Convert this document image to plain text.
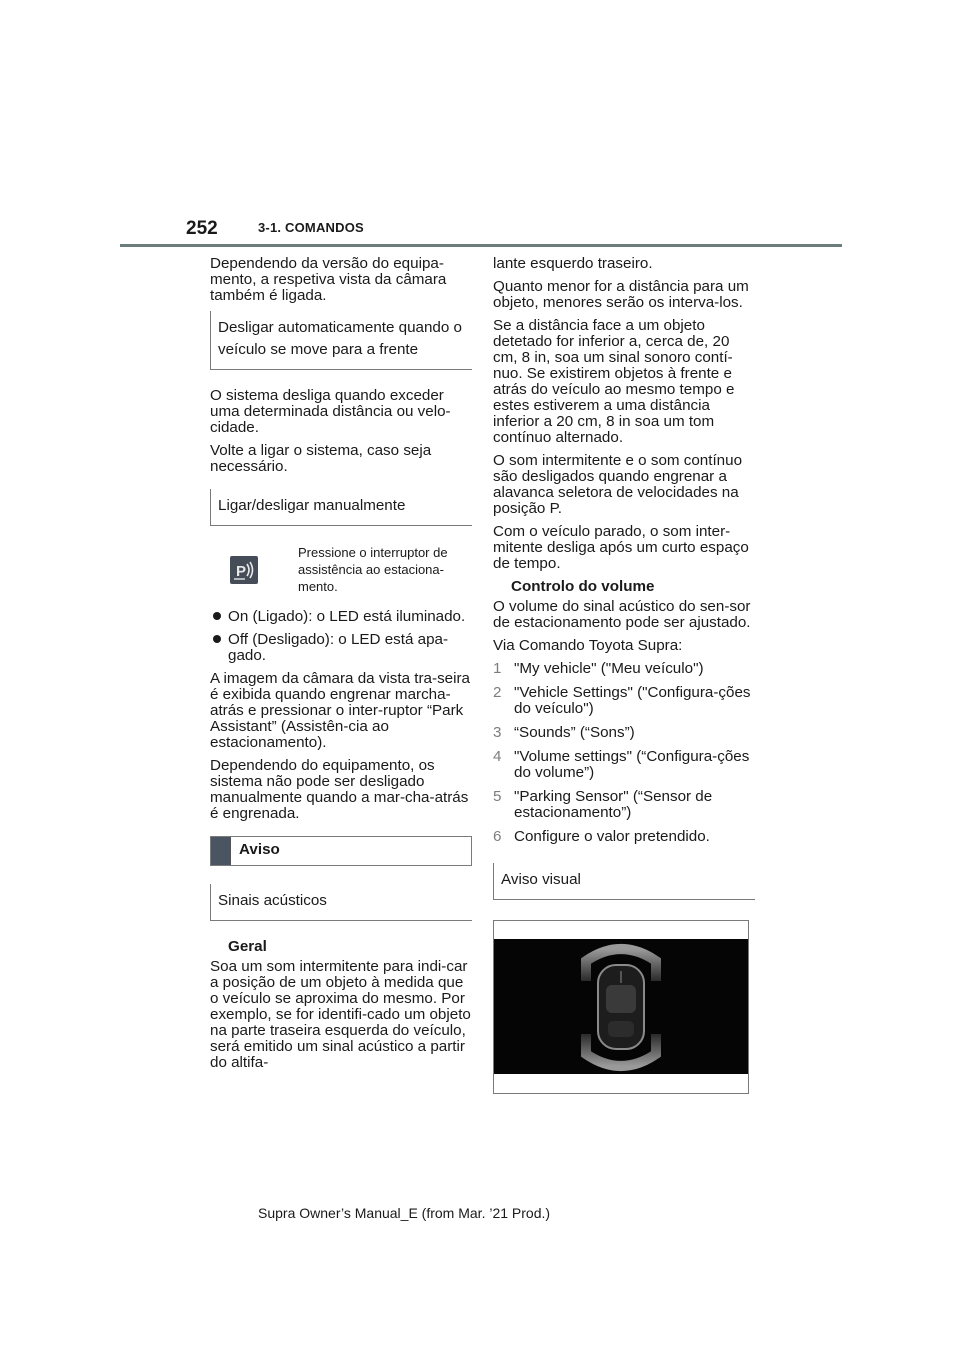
252	3-1. COMANDOS

Dependendo da versão do equipa-mento, a respetiva vista da câmara também é ligada.

Desligar automaticamente quando o veículo se move para a frente

O sistema desliga quando exceder uma determinada distância ou velo-cidade.

Volte a ligar o sistema, caso seja necessário.

Ligar/desligar manualmente
P
Pressione o interruptor de assistência ao estaciona-mento.
On (Ligado): o LED está iluminado.
Off (Desligado): o LED está apa-gado.

A imagem da câmara da vista tra-seira é exibida quando engrenar marcha-atrás e pressionar o inter-ruptor “Park Assistant” (Assistên-cia ao estacionamento).

Dependendo do equipamento, os sistema não pode ser desligado manualmente quando a mar-cha-atrás é engrenada.

Aviso
Sinais acústicos
Geral

Soa um som intermitente para indi-car a posição de um objeto à medida que o veículo se aproxima do mesmo. Por exemplo, se for identifi-cado um objeto na parte traseira esquerda do veículo, será emitido um sinal acústico a partir do altifa-

lante esquerdo traseiro.

Quanto menor for a distância para um objeto, menores serão os interva-los.

Se a distância face a um objeto detetado for inferior a, cerca de, 20 cm, 8 in, soa um sinal sonoro contí-nuo. Se existirem objetos à frente e atrás do veículo ao mesmo tempo e estes estiverem a uma distância inferior a 20 cm, 8 in soa um tom contínuo alternado.

O som intermitente e o som contínuo são desligados quando engrenar a alavanca seletora de velocidades na posição P.

Com o veículo parado, o som inter-mitente desliga após um curto espaço de tempo.

Controlo do volume

O volume do sinal acústico do sen-sor de estacionamento pode ser ajustado.

Via Comando Toyota Supra:

1 "My vehicle" ("Meu veículo")
2 "Vehicle Settings" ("Configura-ções do veículo")
3 “Sounds” (“Sons”)
4 "Volume settings" (“Configura-ções do volume”)
5 "Parking Sensor" (“Sensor de estacionamento”)
6 Configure o valor pretendido.
Aviso visual
Supra Owner’s Manual_E (from Mar. ’21 Prod.)
